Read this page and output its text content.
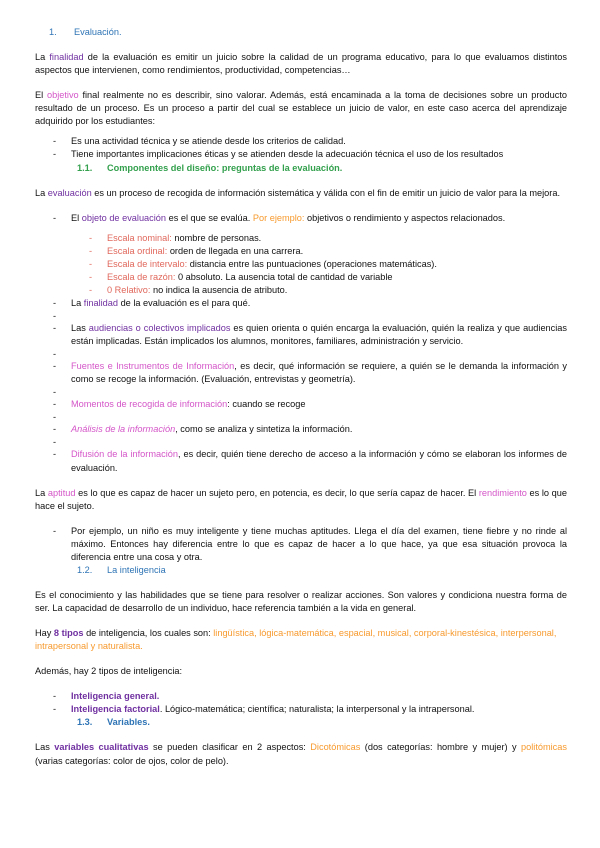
1. Evaluación.

La finalidad de la evaluación es emitir un juicio sobre la calidad de un programa educativo, para lo que evaluamos distintos aspectos que intervienen, como rendimientos, productividad, competencias…

El objetivo final realmente no es describir, sino valorar. Además, está encaminada a la toma de decisiones sobre un producto resultado de un proceso. Es un proceso a partir del cual se establece un juicio de valor, en este caso acerca del aprendizaje adquirido por los estudiantes:

- Es una actividad técnica y se atiende desde los criterios de calidad.
- Tiene importantes implicaciones éticas y se atienden desde la adecuación técnica el uso de los resultados

1.1. Componentes del diseño: preguntas de la evaluación.

La evaluación es un proceso de recogida de información sistemática y válida con el fin de emitir un juicio de valor para la mejora.

- El objeto de evaluación es el que se evalúa. Por ejemplo: objetivos o rendimiento y aspectos relacionados.
- Escala nominal: nombre de personas.
- Escala ordinal: orden de llegada en una carrera.
- Escala de intervalo: distancia entre las puntuaciones (operaciones matemáticas).
- Escala de razón: 0 absoluto. La ausencia total de cantidad de variable
- 0 Relativo: no indica la ausencia de atributo.
- La finalidad de la evaluación es el para qué.
-
- Las audiencias o colectivos implicados es quien orienta o quién encarga la evaluación, quién la realiza y que audiencias están implicadas. Están implicados los alumnos, monitores, familiares, administración y servicio.
-
- Fuentes e Instrumentos de Información, es decir, qué información se requiere, a quién se le demanda la información y como se recoge la información. (Evaluación, entrevistas y geometría).
-
- Momentos de recogida de información: cuando se recoge
-
- Análisis de la información, como se analiza y sintetiza la información.
-
- Difusión de la información, es decir, quién tiene derecho de acceso a la información y cómo se elaboran los informes de evaluación.

La aptitud es lo que es capaz de hacer un sujeto pero, en potencia, es decir, lo que sería capaz de hacer. El rendimiento es lo que hace el sujeto.

- Por ejemplo, un niño es muy inteligente y tiene muchas aptitudes. Llega el día del examen, tiene fiebre y no rinde al máximo. Entonces hay diferencia entre lo que es capaz de hacer a lo que hace, ya que esa situación provoca la diferencia entre una cosa y otra.

1.2. La inteligencia

Es el conocimiento y las habilidades que se tiene para resolver o realizar acciones. Son valores y condiciona nuestra forma de ser. La capacidad de desarrollo de un individuo, hace referencia también a la vida en general.

Hay 8 tipos de inteligencia, los cuales son: lingüística, lógica-matemática, espacial, musical, corporal-kinestésica, interpersonal, intrapersonal y naturalista.

Además, hay 2 tipos de inteligencia:

- Inteligencia general.
- Inteligencia factorial. Lógico-matemática; científica; naturalista; la interpersonal y la intrapersonal.

1.3. Variables.

Las variables cualitativas se pueden clasificar en 2 aspectos: Dicotómicas (dos categorías: hombre y mujer) y politómicas (varias categorías: color de ojos, color de pelo).
